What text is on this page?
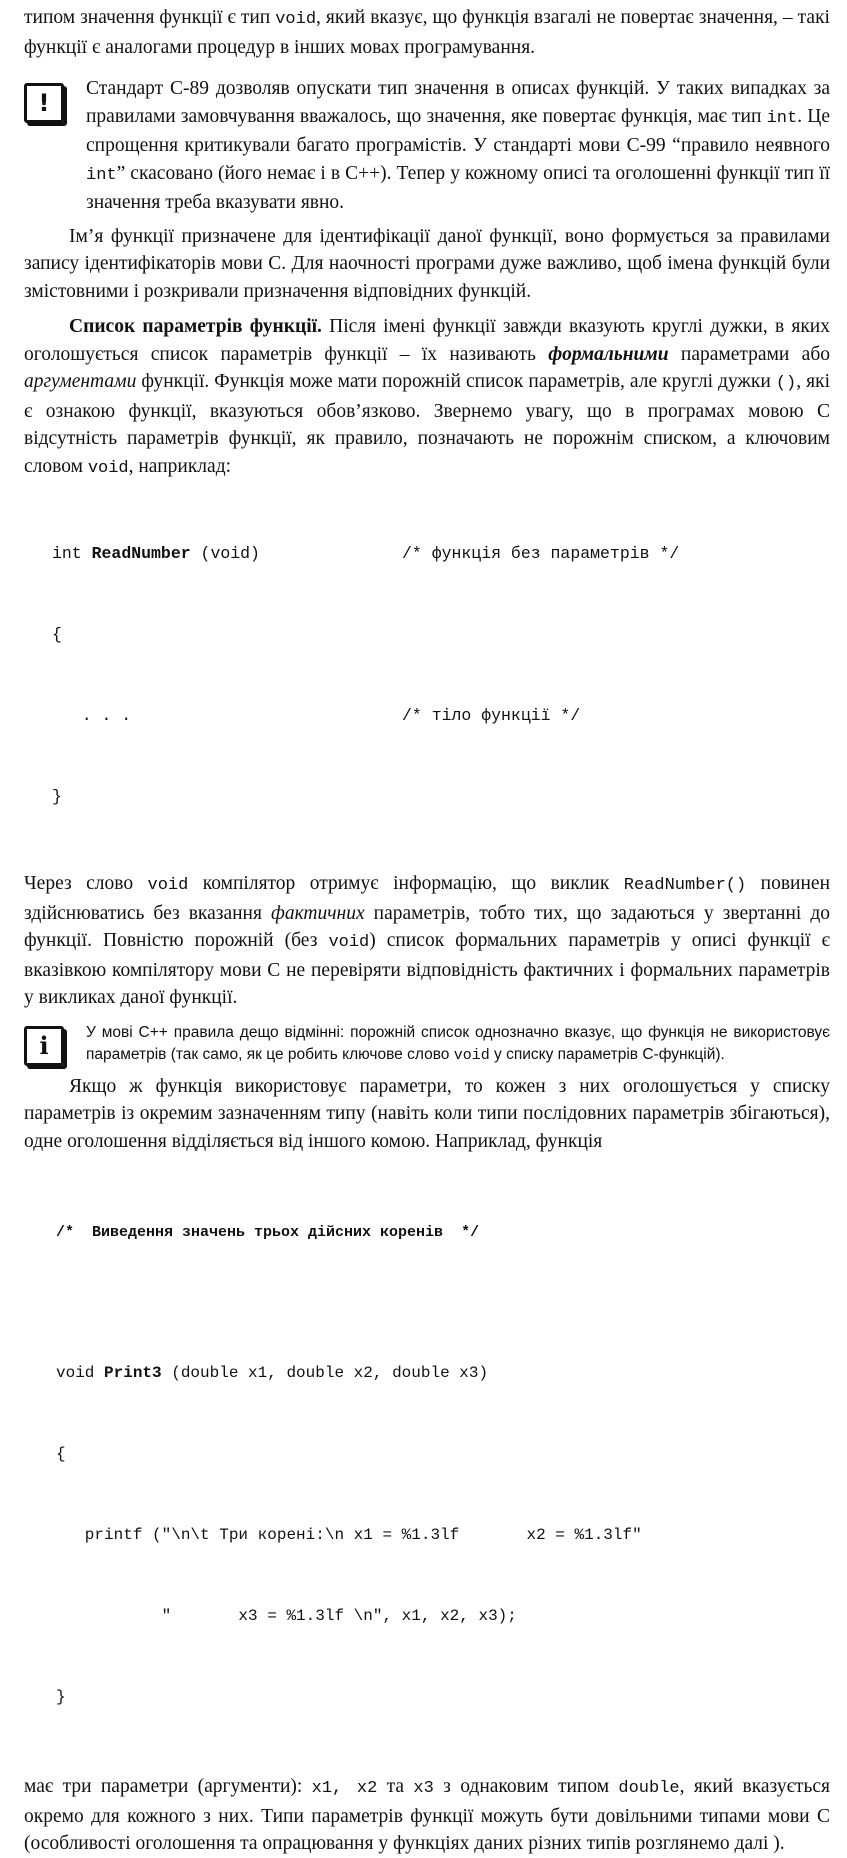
типом значення функції є тип void, який вказує, що функція взагалі не повертає значення, – такі функції є аналогами процедур в інших мовах програмування.

!

Стандарт С-89 дозволяв опускати тип значення в описах функцій. У таких випадках за правилами замовчування вважалось, що значення, яке повертає функція, має тип int. Це спрощення критикували багато програмістів. У стандарті мови С-99 “правило неявного int” скасовано (його немає і в С++). Тепер у кожному описі та оголошенні функції тип її значення треба вказувати явно.

Ім’я функції призначене для ідентифікації даної функції, воно формується за правилами запису ідентифікаторів мови С. Для наочності програми дуже важливо, щоб імена функцій були змістовними і розкривали призначення відповідних функцій.

Список параметрів функції. Після імені функції завжди вказують круглі дужки, в яких оголошується список параметрів функції – їх називають формальними параметрами або аргументами функції. Функція може мати порожній список параметрів, але круглі дужки (), які є ознакою функції, вказуються обов’язково. Звернемо увагу, що в програмах мовою С відсутність параметрів функції, як правило, позначають не порожнім списком, а ключовим словом void, наприклад:

int ReadNumber (void)	/* функція без параметрів */

{

. . .	/* тіло функції */

}

Через слово void компілятор отримує інформацію, що виклик ReadNumber() повинен здійснюватись без вказання фактичних параметрів, тобто тих, що задаються у звертанні до функції. Повністю порожній (без void) список формальних параметрів у описі функції є вказівкою компілятору мови С не перевіряти відповідність фактичних і формальних параметрів у викликах даної функції.

i	У мові С++ правила дещо відмінні: порожній список однозначно вказує, що функція не використовує параметрів (так само, як це робить ключове слово void у списку параметрів С-функцій).

Якщо ж функція використовує параметри, то кожен з них оголошується у списку параметрів із окремим зазначенням типу (навіть коли типи послідовних параметрів збігаються), одне оголошення відділяється від іншого комою. Наприклад, функція

/*  Виведення значень трьох дійсних коренів  */

void Print3 (double x1, double x2, double x3)

{

printf ("\n\t Три корені:\n x1 = %1.3lf       x2 = %1.3lf"

"       x3 = %1.3lf \n", x1, x2, x3);

}

має три параметри (аргументи): x1, x2 та x3 з однаковим типом double, який вказується окремо для кожного з них. Типи параметрів функції можуть бути довільними типами мови С (особливості оголошення та опрацювання у функціях даних різних типів розглянемо далі ).
